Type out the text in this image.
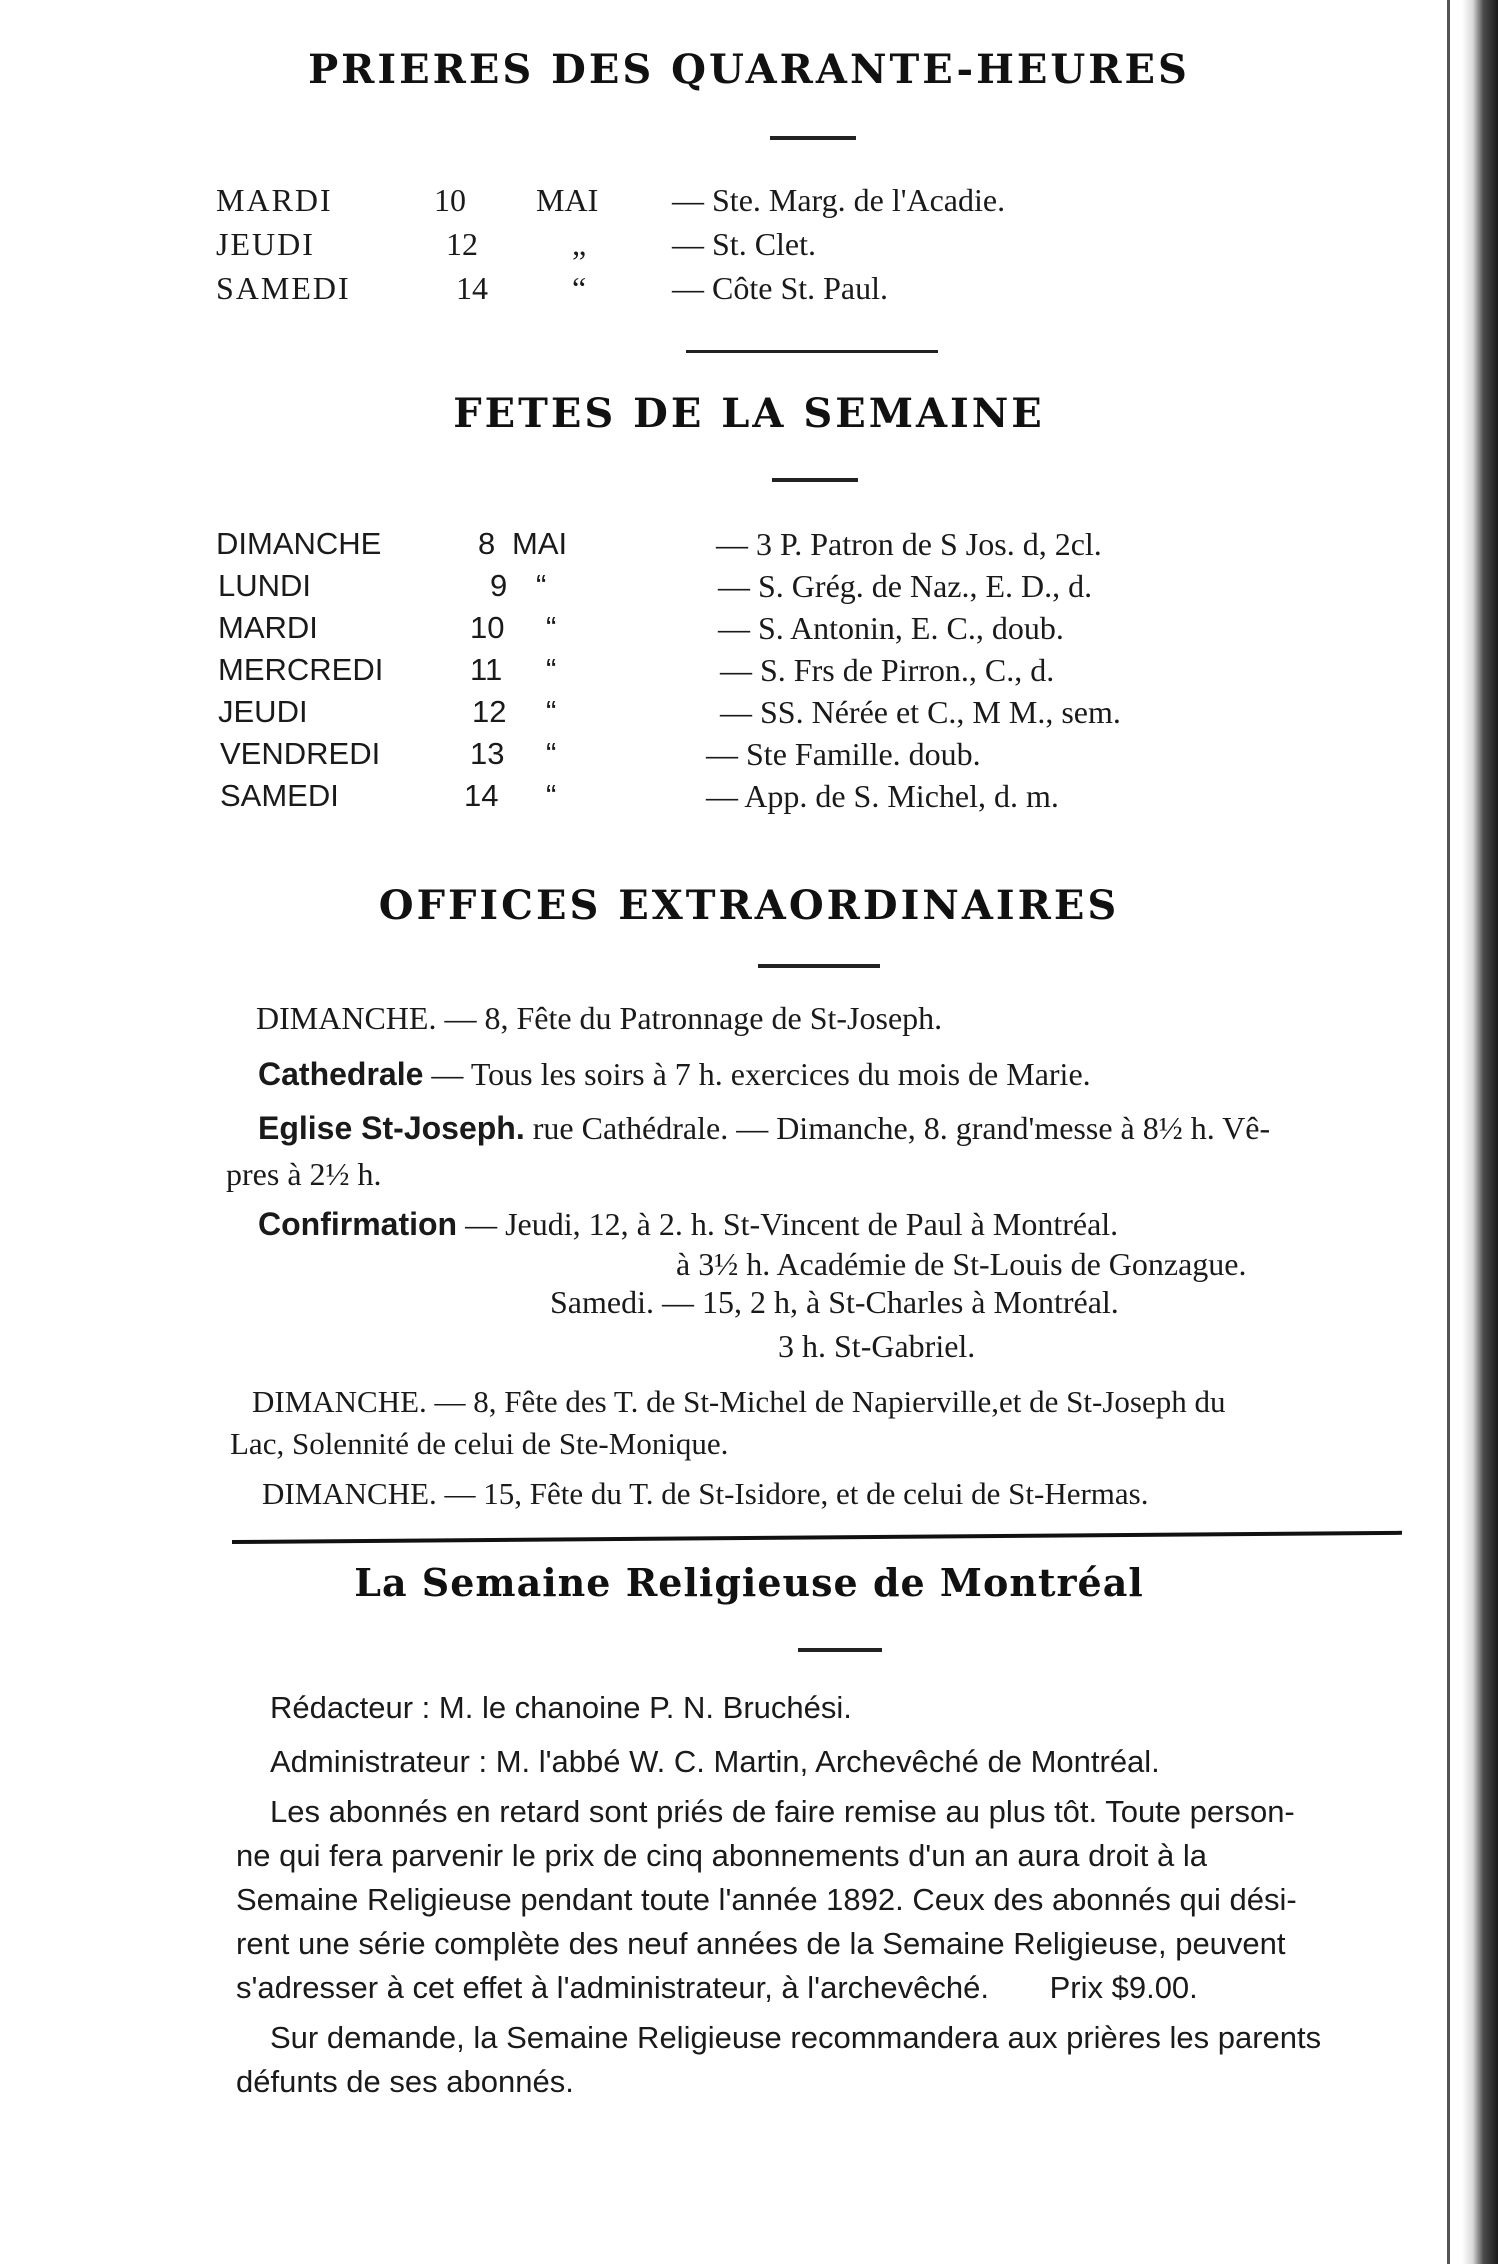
PRIERES DES QUARANTE-HEURES
MARDI	10 MAI — Ste. Marg. de l'Acadie.
JEUDI	12	„	— St. Clet.
SAMEDI	14	“	— Côte St. Paul.
FETES DE LA SEMAINE
DIMANCHE	8 MAI	— 3 P. Patron de S Jos. d, 2cl.
LUNDI	9 “	— S. Grég. de Naz., E. D., d.
MARDI	10 “	— S. Antonin, E. C., doub.
MERCREDI	11 “	— S. Frs de Pirron., C., d.
JEUDI	12 “	— SS. Nérée et C., M M., sem.
VENDREDI	13 “	— Ste Famille. doub.
SAMEDI	14 “	— App. de S. Michel, d. m.
OFFICES EXTRAORDINAIRES
DIMANCHE. — 8, Fête du Patronnage de St-Joseph.
Cathedrale — Tous les soirs à 7 h. exercices du mois de Marie.
Eglise St-Joseph. rue Cathédrale. — Dimanche, 8. grand'messe à 8½ h. Vê-
pres à 2½ h.
Confirmation — Jeudi, 12, à 2. h. St-Vincent de Paul à Montréal.
à 3½ h. Académie de St-Louis de Gonzague.
Samedi. — 15, 2 h, à St-Charles à Montréal.
3 h. St-Gabriel.
DIMANCHE. — 8, Fête des T. de St-Michel de Napierville,et de St-Joseph du
Lac, Solennité de celui de Ste-Monique.
DIMANCHE. — 15, Fête du T. de St-Isidore, et de celui de St-Hermas.
La Semaine Religieuse de Montréal
Rédacteur : M. le chanoine P. N. Bruchési.
Administrateur : M. l'abbé W. C. Martin, Archevêché de Montréal.
Les abonnés en retard sont priés de faire remise au plus tôt. Toute person-
ne qui fera parvenir le prix de cinq abonnements d'un an aura droit à la
Semaine Religieuse pendant toute l'année 1892. Ceux des abonnés qui dési-
rent une série complète des neuf années de la Semaine Religieuse, peuvent
s'adresser à cet effet à l'administrateur, à l'archevêché. Prix $9.00.
Sur demande, la Semaine Religieuse recommandera aux prières les parents
défunts de ses abonnés.
